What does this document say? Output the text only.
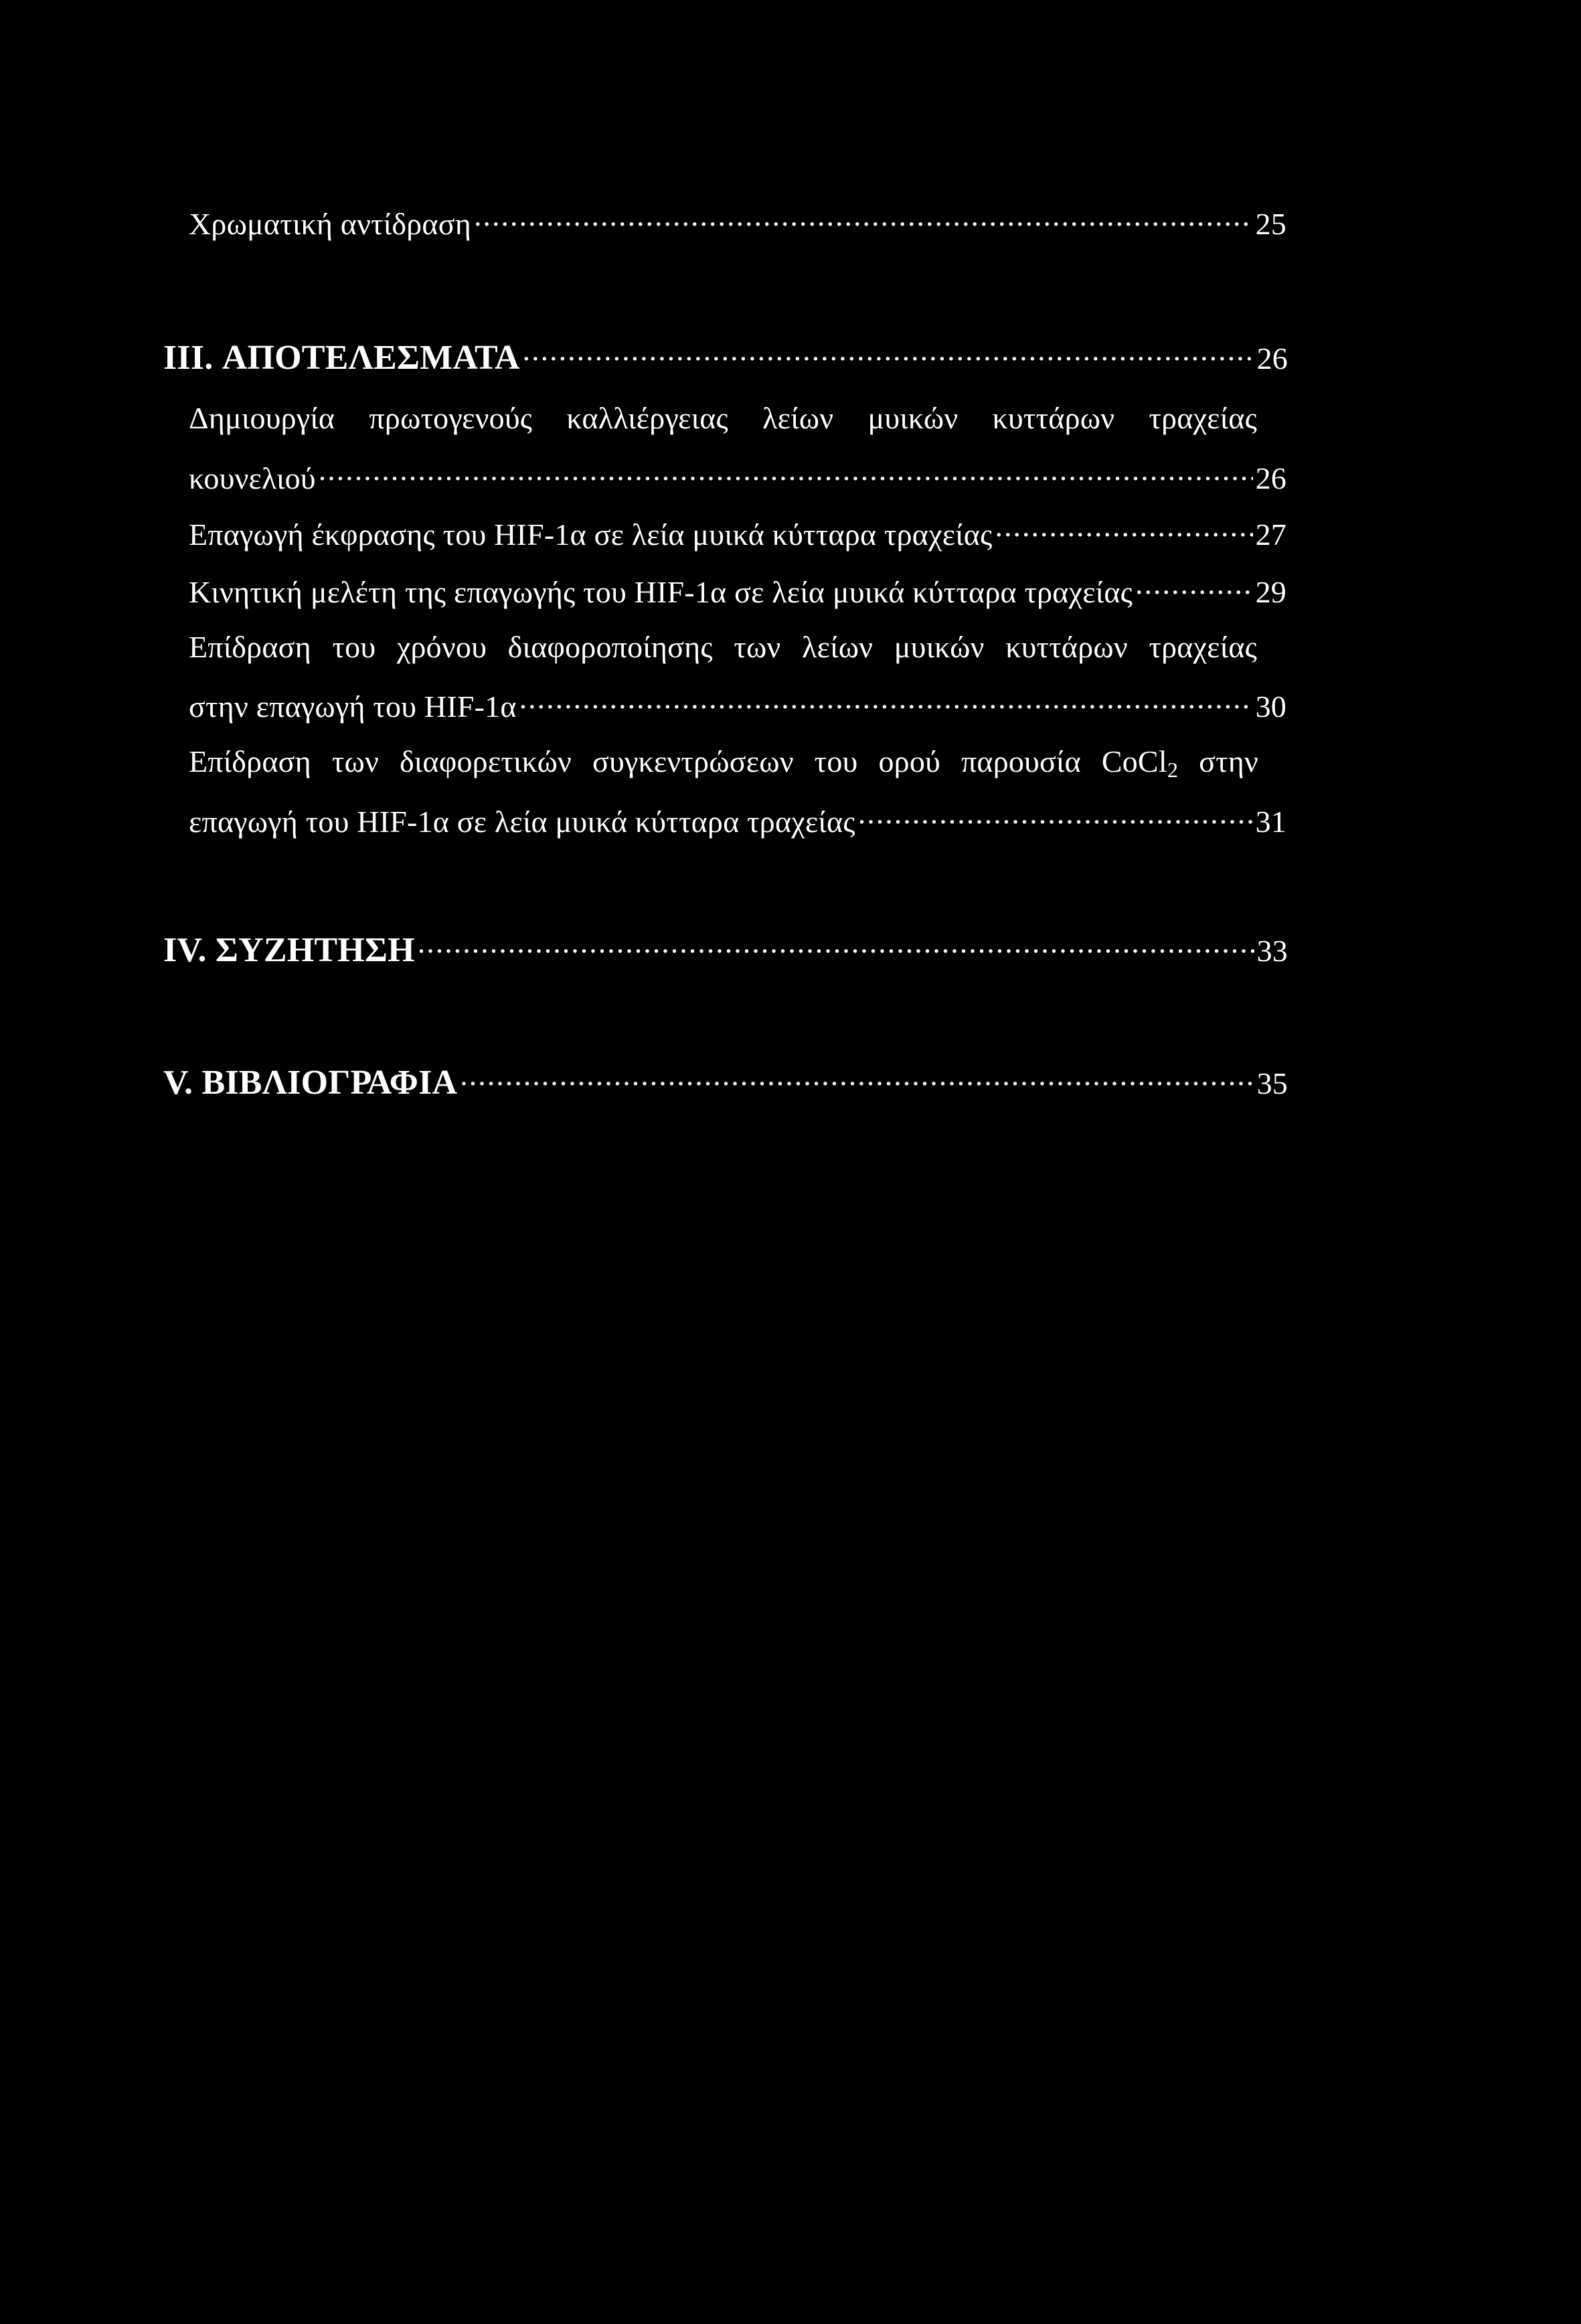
Χρωματική αντίδραση .....	25
III. ΑΠΟΤΕΛΕΣΜΑΤΑ .....	26
Δημιουργία πρωτογενούς καλλιέργειας λείων μυικών κυττάρων τραχείας
κουνελιού .....	26
Επαγωγή έκφρασης του HIF-1α σε λεία μυικά κύτταρα τραχείας .....	27
Κινητική μελέτη της επαγωγής του HIF-1α σε λεία μυικά κύτταρα τραχείας .....	29
Επίδραση του χρόνου διαφοροποίησης των λείων μυικών κυττάρων τραχείας
στην επαγωγή του HIF-1α .....	30
Επίδραση των διαφορετικών συγκεντρώσεων του ορού παρουσία CoCl$_2$ στην
επαγωγή του HIF-1α σε λεία μυικά κύτταρα τραχείας .....	31
IV. ΣΥΖΗΤΗΣΗ .....	33
V. ΒΙΒΛΙΟΓΡΑΦΙΑ .....	35
